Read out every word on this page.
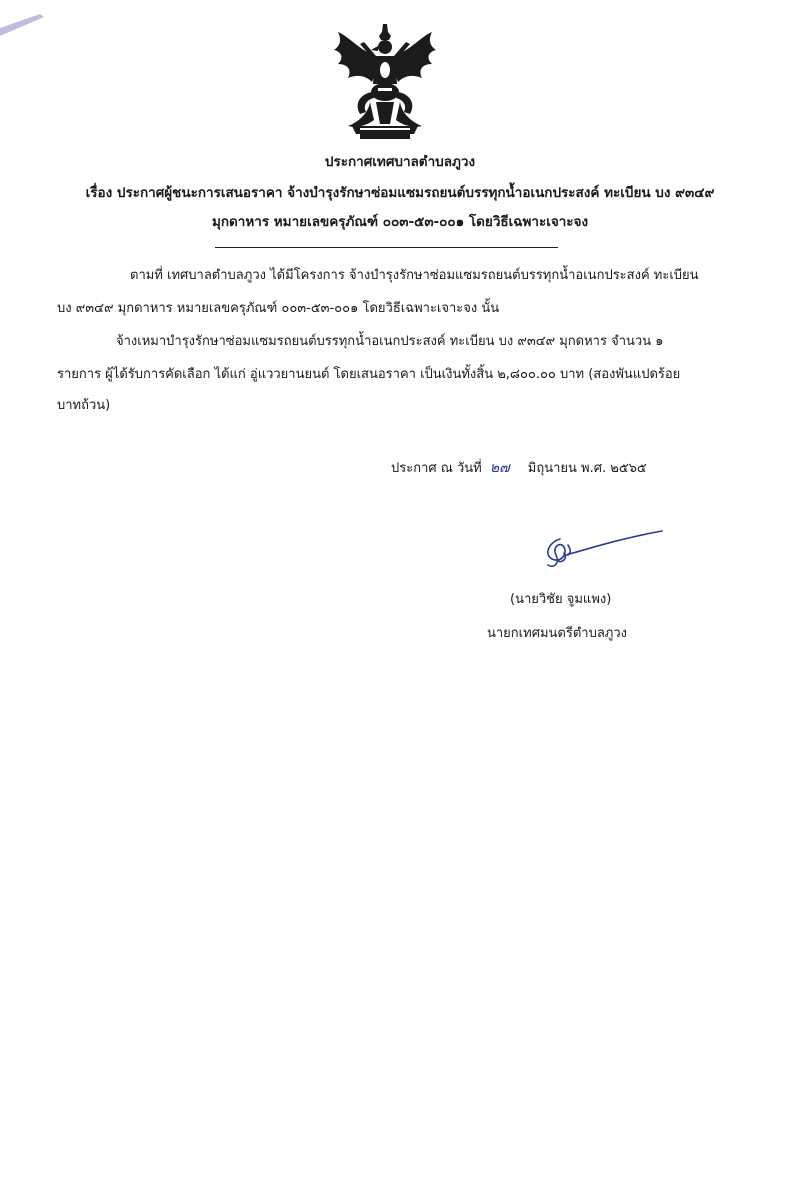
ประกาศเทศบาลตำบลภูวง
เรื่อง ประกาศผู้ชนะการเสนอราคา จ้างบำรุงรักษาซ่อมแซมรถยนต์บรรทุกน้ำอเนกประสงค์ ทะเบียน บง ๙๓๔๙
มุกดาหาร หมายเลขครุภัณฑ์ ๐๐๓-๕๓-๐๐๑ โดยวิธีเฉพาะเจาะจง
ตามที่ เทศบาลตำบลภูวง ได้มีโครงการ จ้างบำรุงรักษาซ่อมแซมรถยนต์บรรทุกน้ำอเนกประสงค์ ทะเบียน
บง ๙๓๔๙ มุกดาหาร หมายเลขครุภัณฑ์ ๐๐๓-๕๓-๐๐๑ โดยวิธีเฉพาะเจาะจง นั้น
จ้างเหมาบำรุงรักษาซ่อมแซมรถยนต์บรรทุกน้ำอเนกประสงค์ ทะเบียน บง ๙๓๔๙ มุกดหาร จำนวน ๑
รายการ ผู้ได้รับการคัดเลือก ได้แก่ อู่แววยานยนต์ โดยเสนอราคา เป็นเงินทั้งสิ้น ๒,๘๐๐.๐๐ บาท (สองพันแปดร้อย
บาทถ้วน)
ประกาศ ณ วันที่ ๒๗ มิถุนายน พ.ศ. ๒๕๖๕
(นายวิชัย จูมแพง)
นายกเทศมนตรีตำบลภูวง
